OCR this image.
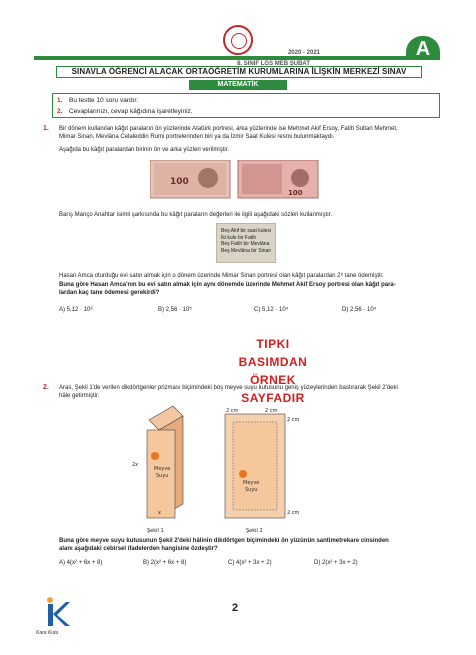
2020 - 2021	A
8. SINIF LGS MEB ŞUBAT
SINAVLA ÖĞRENCİ ALACAK ORTAÖĞRETİM KURUMLARINA İLİŞKİN MERKEZİ SINAV
MATEMATİK
1. Bu testte 10 soru vardır.
2. Cevaplarınızı, cevap kâğıdına işaretleyiniz.
1. Bir dönem kullanılan kâğıt paraların ön yüzlerinde Atatürk portresi, arka yüzlerinde ise Mehmet Akif Ersoy, Fatih Sultan Mehmet,
Mimar Sinan, Mevlâna Celaleddin Rumi portrelerinden biri ya da İzmir Saat Kulesi resmi bulunmaktaydı.
Aşağıda bu kâğıt paralardan birinin ön ve arka yüzleri verilmiştir.
100
100
Barış Manço Anahtar isimli şarkısında bu kâğıt paraların değerleri ile ilgili aşağıdaki sözleri kullanmıştır.
Beş Akif bir saat kulesi
İki kule bir Fatih
Beş Fatih bir Mevlâna
Beş Mevlâna bir Sinan
Hasan Amca oturduğu evi satın almak için o dönem üzerinde Mimar Sinan portresi olan kâğıt paralardan 2⁸ tane ödemiştir.
Buna göre Hasan Amca'nın bu evi satın almak için aynı dönemde üzerinde Mehmet Akif Ersoy portresi olan kâğıt para-
lardan kaç tane ödemesi gerekirdi?
A) 5,12 · 10⁶	B) 2,56 · 10⁵	C) 5,12 · 10⁴	D) 2,56 · 10⁴
TIPKI BASIMDAN
ÖRNEK SAYFADIR
2. Aras, Şekil 1'de verilen dikdörtgenler prizması biçimindeki boş meyve suyu kutusunu geniş yüzeylerinden bastırarak Şekil 2'deki
hâle getirmiştir.
Meyve
Suyu
2x
x
Şekil 1
Meyve
Suyu
2 cm	2 cm
2 cm
2 cm
Şekil 2
Buna göre meyve suyu kutusunun Şekil 2'deki hâlinin dikdörtgen biçimindeki ön yüzünün santimetrekare cinsinden
alanı aşağıdaki cebirsel ifadelerden hangisine özdeştir?
A) 4(x² + 6x + 8)	B) 2(x² + 6x + 8)	C) 4(x² + 3x + 2)	D) 2(x² + 3x + 2)
Kara Kutu
2
